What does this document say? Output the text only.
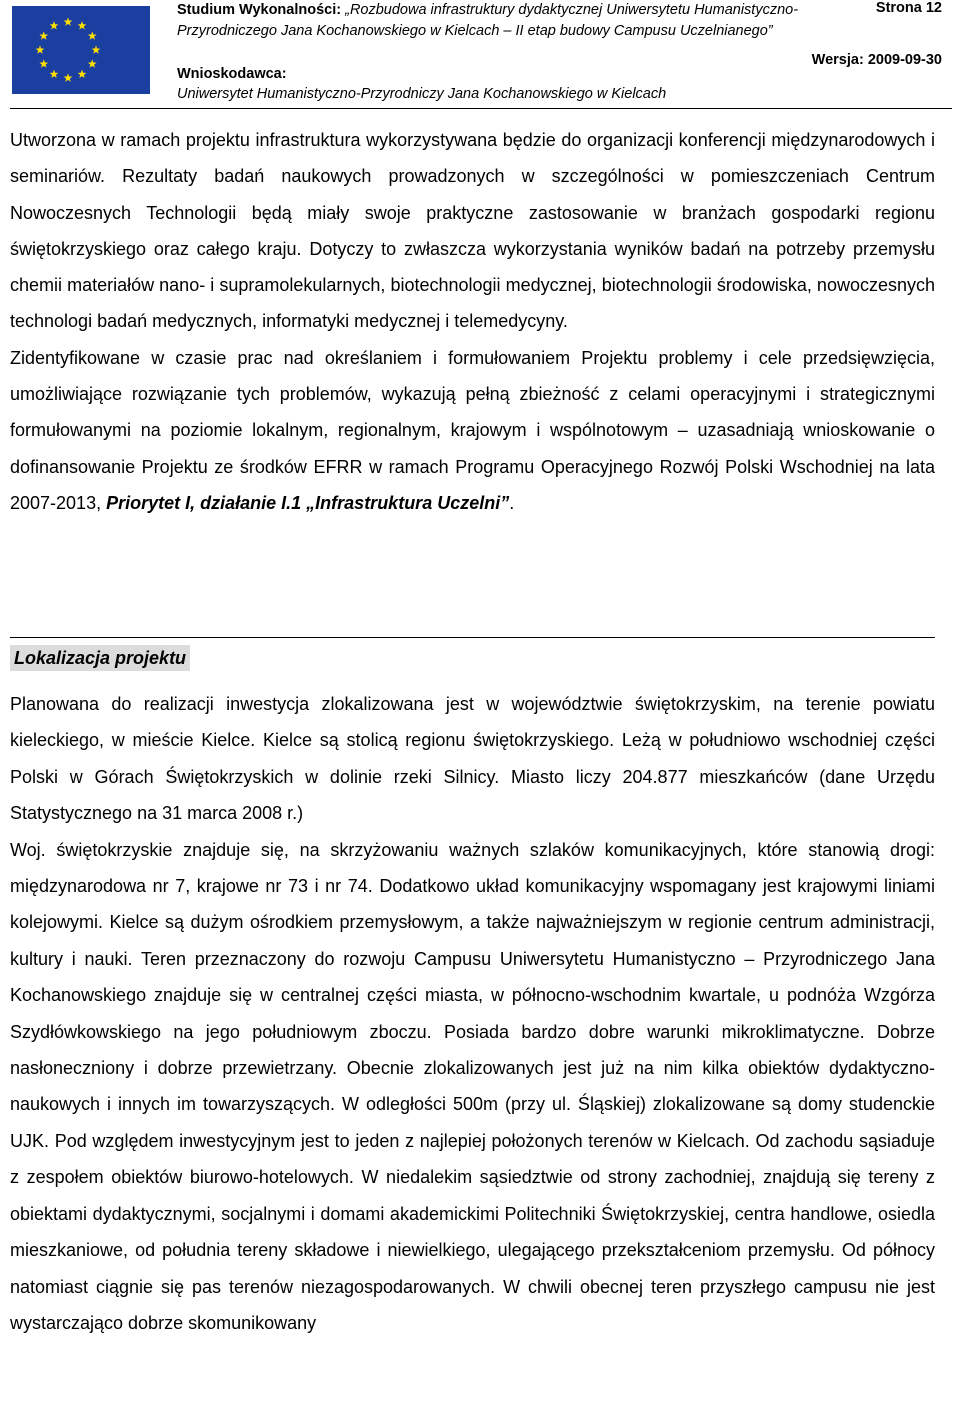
Studium Wykonalności: „Rozbudowa infrastruktury dydaktycznej Uniwersytetu Humanistyczno-Przyrodniczego Jana Kochanowskiego w Kielcach – II etap budowy Campusu Uczelnianego”
Wnioskodawca:
Uniwersytet Humanistyczno-Przyrodniczy Jana Kochanowskiego w Kielcach
Strona 12
Wersja: 2009-09-30

Utworzona w ramach projektu infrastruktura wykorzystywana będzie do organizacji konferencji międzynarodowych i seminariów. Rezultaty badań naukowych prowadzonych w szczególności w pomieszczeniach Centrum Nowoczesnych Technologii będą miały swoje praktyczne zastosowanie w branżach gospodarki regionu świętokrzyskiego oraz całego kraju. Dotyczy to zwłaszcza wykorzystania wyników badań na potrzeby przemysłu chemii materiałów nano- i supramolekularnych, biotechnologii medycznej, biotechnologii środowiska, nowoczesnych technologi badań medycznych, informatyki medycznej i telemedycyny.

Zidentyfikowane w czasie prac nad określaniem i formułowaniem Projektu problemy i cele przedsięwzięcia, umożliwiające rozwiązanie tych problemów, wykazują pełną zbieżność z celami operacyjnymi i strategicznymi formułowanymi na poziomie lokalnym, regionalnym, krajowym i wspólnotowym – uzasadniają wnioskowanie o dofinansowanie Projektu ze środków EFRR w ramach Programu Operacyjnego Rozwój Polski Wschodniej na lata 2007-2013, Priorytet I, działanie I.1 „Infrastruktura Uczelni”.

Lokalizacja projektu

Planowana do realizacji inwestycja zlokalizowana jest w województwie świętokrzyskim, na terenie powiatu kieleckiego, w mieście Kielce. Kielce są stolicą regionu świętokrzyskiego. Leżą w południowo wschodniej części Polski w Górach Świętokrzyskich w dolinie rzeki Silnicy. Miasto liczy 204.877 mieszkańców (dane Urzędu Statystycznego na 31 marca 2008 r.)

Woj. świętokrzyskie znajduje się, na skrzyżowaniu ważnych szlaków komunikacyjnych, które stanowią drogi: międzynarodowa nr 7, krajowe nr 73 i nr 74. Dodatkowo układ komunikacyjny wspomagany jest krajowymi liniami kolejowymi. Kielce są dużym ośrodkiem przemysłowym, a także najważniejszym w regionie centrum administracji, kultury i nauki. Teren przeznaczony do rozwoju Campusu Uniwersytetu Humanistyczno – Przyrodniczego Jana Kochanowskiego znajduje się w centralnej części miasta, w północno-wschodnim kwartale, u podnóża Wzgórza Szydłówkowskiego na jego południowym zboczu. Posiada bardzo dobre warunki mikroklimatyczne. Dobrze nasłoneczniony i dobrze przewietrzany. Obecnie zlokalizowanych jest już na nim kilka obiektów dydaktyczno-naukowych i innych im towarzyszących. W odległości 500m (przy ul. Śląskiej) zlokalizowane są domy studenckie UJK. Pod względem inwestycyjnym jest to jeden z najlepiej położonych terenów w Kielcach. Od zachodu sąsiaduje z zespołem obiektów biurowo-hotelowych. W niedalekim sąsiedztwie od strony zachodniej, znajdują się tereny z obiektami dydaktycznymi, socjalnymi i domami akademickimi Politechniki Świętokrzyskiej, centra handlowe, osiedla mieszkaniowe, od południa tereny składowe i niewielkiego, ulegającego przekształceniom przemysłu. Od północy natomiast ciągnie się pas terenów niezagospodarowanych. W chwili obecnej teren przyszłego campusu nie jest wystarczająco dobrze skomunikowany
